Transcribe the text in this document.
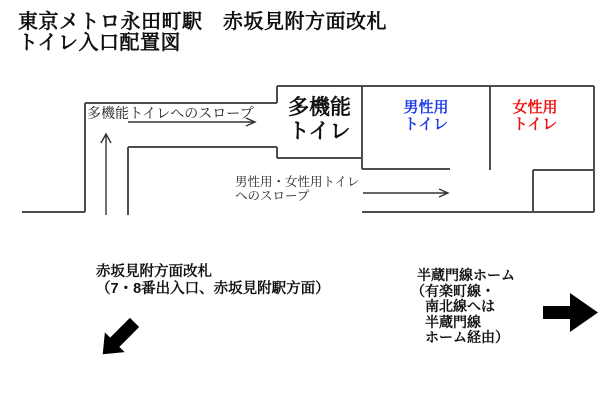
東京メトロ永田町駅　赤坂見附方面改札
トイレ入口配置図
多機能トイレへのスロープ	多機能
トイレ
男性用
トイレ
女性用
トイレ
男性用・女性用トイレ
へのスロープ
赤坂見附方面改札
（7・8番出入口、赤坂見附駅方面）
半蔵門線ホーム
（有楽町線・
南北線へは
半蔵門線
ホーム経由）
